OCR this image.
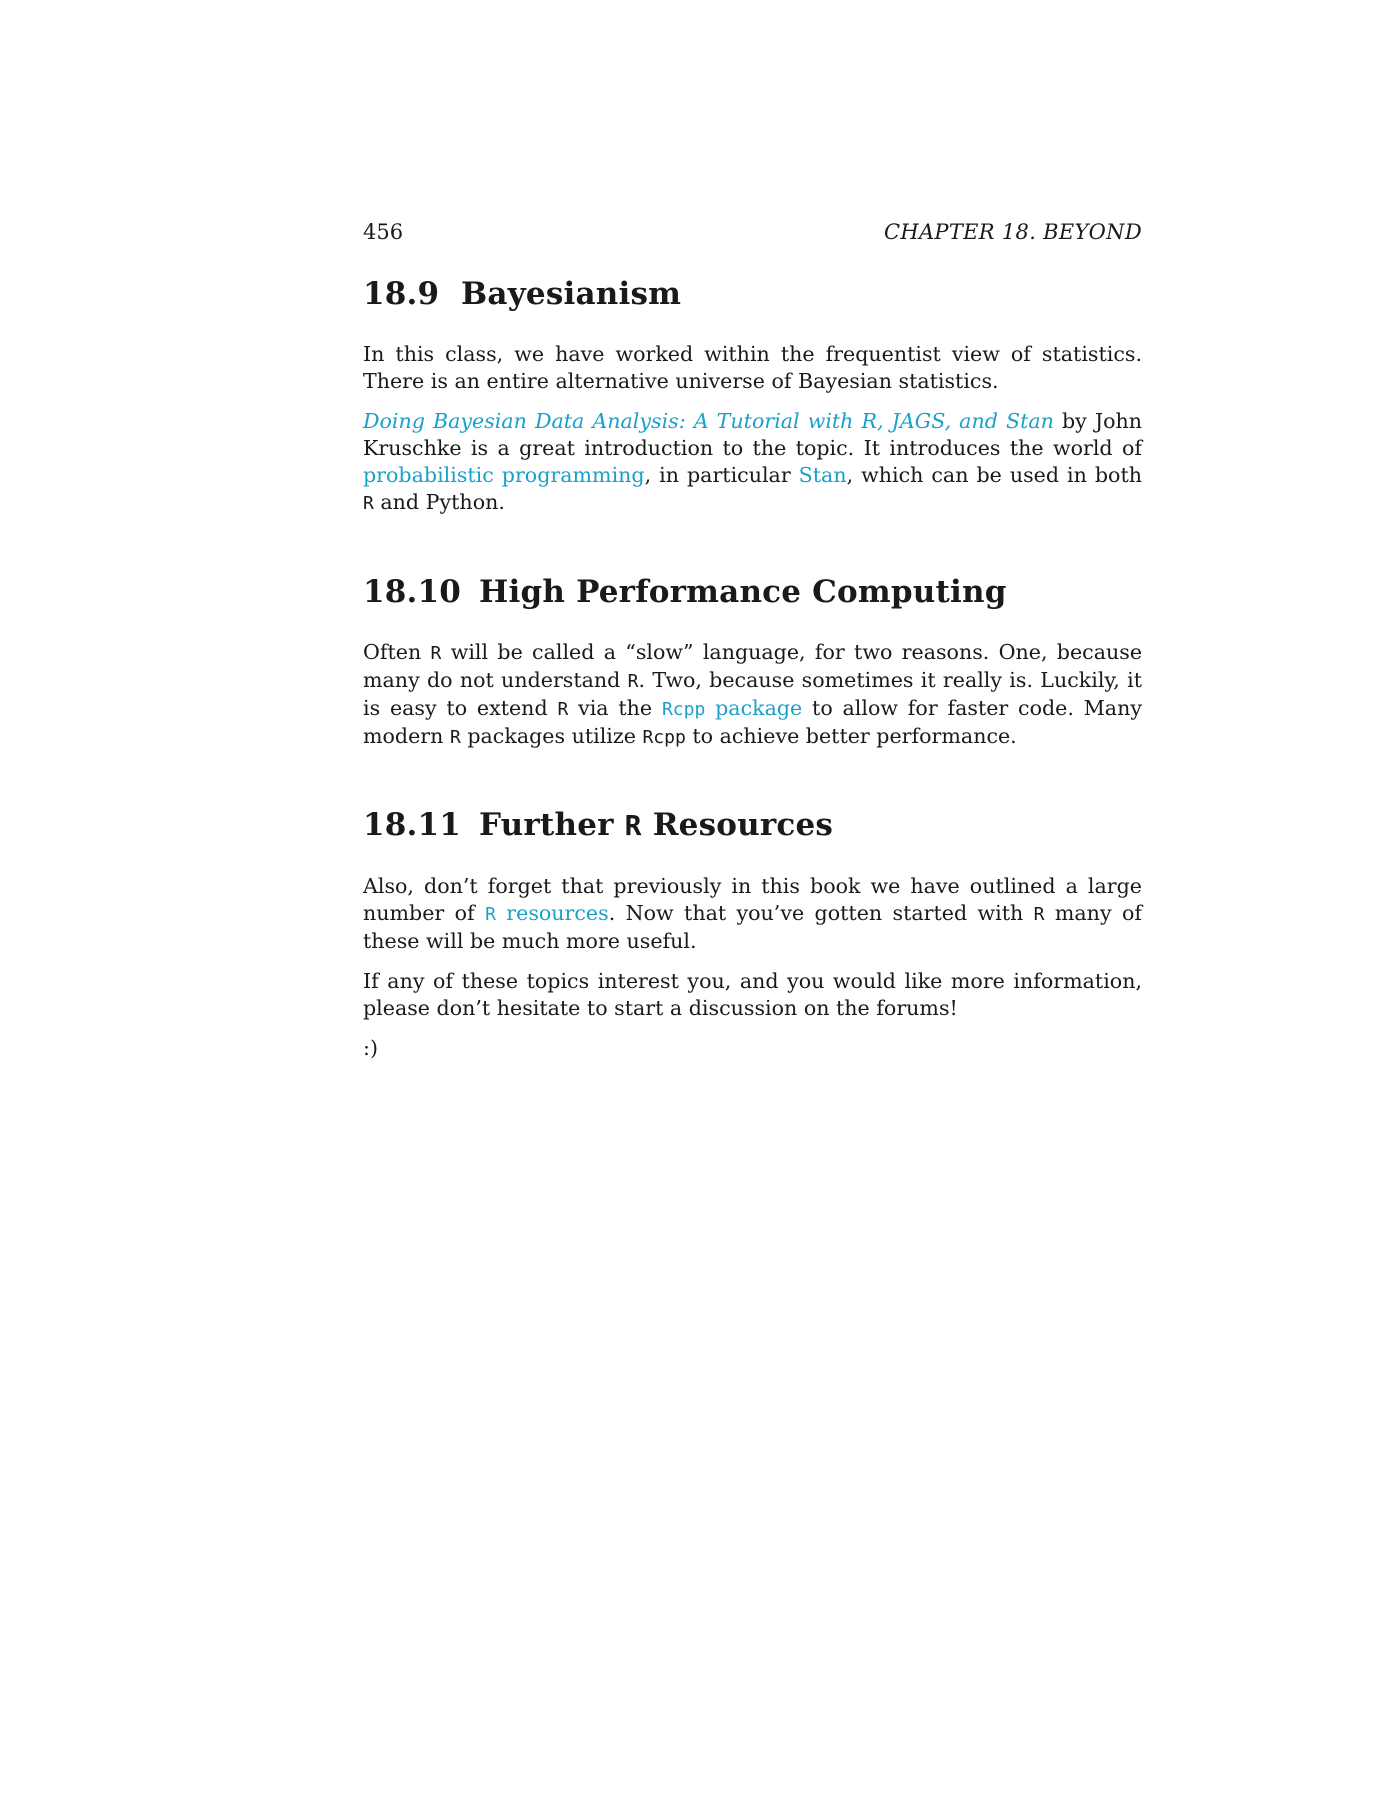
456	CHAPTER 18. BEYOND
18.9 Bayesianism

In this class, we have worked within the frequentist view of statistics. There is an entire alternative universe of Bayesian statistics.

Doing Bayesian Data Analysis: A Tutorial with R, JAGS, and Stan by John Kruschke is a great introduction to the topic. It introduces the world of probabilistic programming, in particular Stan, which can be used in both R and Python.

18.10 High Performance Computing

Often R will be called a “slow” language, for two reasons. One, because many do not understand R. Two, because sometimes it really is. Luckily, it is easy to extend R via the Rcpp package to allow for faster code. Many modern R packages utilize Rcpp to achieve better performance.

18.11 Further R Resources

Also, don’t forget that previously in this book we have outlined a large number of R resources. Now that you’ve gotten started with R many of these will be much more useful.

If any of these topics interest you, and you would like more information, please don’t hesitate to start a discussion on the forums!

:)
